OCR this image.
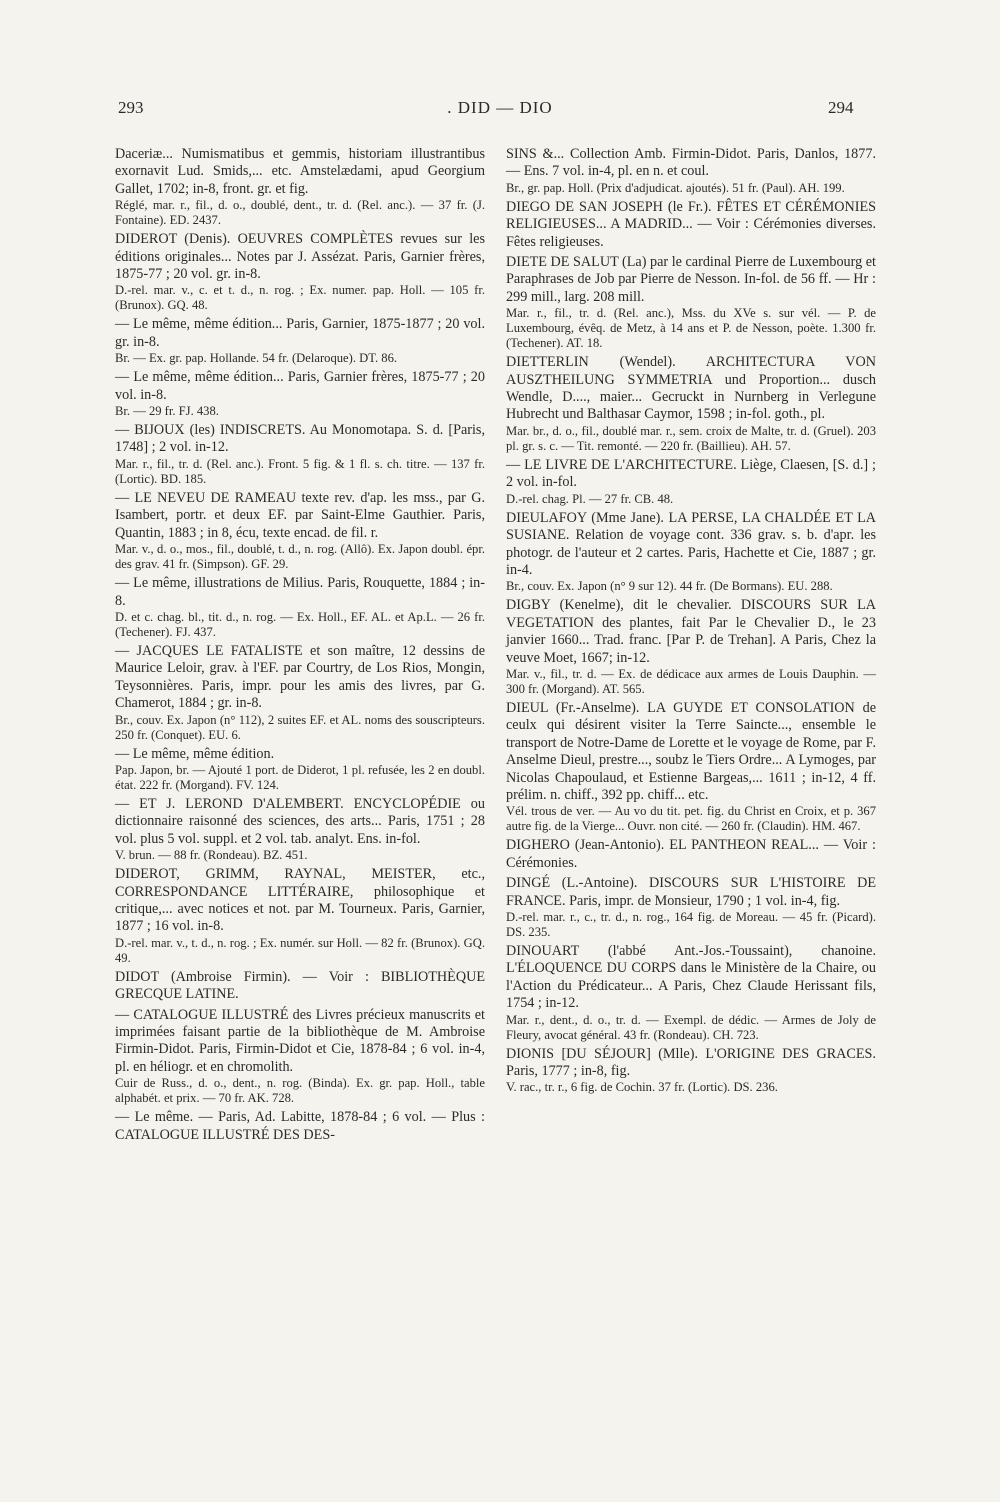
293	. DID — DIO	294
Daceriæ... Numismatibus et gemmis, historiam illustrantibus exornavit Lud. Smids,... etc. Amstelædami, apud Georgium Gallet, 1702; in-8, front. gr. et fig.
Réglé, mar. r., fil., d. o., doublé, dent., tr. d. (Rel. anc.). — 37 fr. (J. Fontaine). ED. 2437.
DIDEROT (Denis). OEUVRES COMPLÈTES revues sur les éditions originales... Notes par J. Assézat. Paris, Garnier frères, 1875-77 ; 20 vol. gr. in-8.
D.-rel. mar. v., c. et t. d., n. rog. ; Ex. numer. pap. Holl. — 105 fr. (Brunox). GQ. 48.
— Le même, même édition... Paris, Garnier, 1875-1877 ; 20 vol. gr. in-8.
Br. — Ex. gr. pap. Hollande. 54 fr. (Delaroque). DT. 86.
— Le même, même édition... Paris, Garnier frères, 1875-77 ; 20 vol. in-8.
Br. — 29 fr. FJ. 438.
— BIJOUX (les) INDISCRETS. Au Monomotapa. S. d. [Paris, 1748] ; 2 vol. in-12.
Mar. r., fil., tr. d. (Rel. anc.). Front. 5 fig. & 1 fl. s. ch. titre. — 137 fr. (Lortic). BD. 185.
— LE NEVEU DE RAMEAU texte rev. d'ap. les mss., par G. Isambert, portr. et deux EF. par Saint-Elme Gauthier. Paris, Quantin, 1883 ; in 8, écu, texte encad. de fil. r.
Mar. v., d. o., mos., fil., doublé, t. d., n. rog. (Allô). Ex. Japon doubl. épr. des grav. 41 fr. (Simpson). GF. 29.
— Le même, illustrations de Milius. Paris, Rouquette, 1884 ; in-8.
D. et c. chag. bl., tit. d., n. rog. — Ex. Holl., EF. AL. et Ap.L. — 26 fr. (Techener). FJ. 437.
— JACQUES LE FATALISTE et son maître, 12 dessins de Maurice Leloir, grav. à l'EF. par Courtry, de Los Rios, Mongin, Teysonnières. Paris, impr. pour les amis des livres, par G. Chamerot, 1884 ; gr. in-8.
Br., couv. Ex. Japon (n° 112), 2 suites EF. et AL. noms des souscripteurs. 250 fr. (Conquet). EU. 6.
— Le même, même édition.
Pap. Japon, br. — Ajouté 1 port. de Diderot, 1 pl. refusée, les 2 en doubl. état. 222 fr. (Morgand). FV. 124.
— ET J. LEROND D'ALEMBERT. ENCYCLOPÉDIE ou dictionnaire raisonné des sciences, des arts... Paris, 1751 ; 28 vol. plus 5 vol. suppl. et 2 vol. tab. analyt. Ens. in-fol.
V. brun. — 88 fr. (Rondeau). BZ. 451.
DIDEROT, GRIMM, RAYNAL, MEISTER, etc., CORRESPONDANCE LITTÉRAIRE, philosophique et critique,... avec notices et not. par M. Tourneux. Paris, Garnier, 1877 ; 16 vol. in-8.
D.-rel. mar. v., t. d., n. rog. ; Ex. numér. sur Holl. — 82 fr. (Brunox). GQ. 49.
DIDOT (Ambroise Firmin). — Voir : BIBLIOTHÈQUE GRECQUE LATINE.
— CATALOGUE ILLUSTRÉ des Livres précieux manuscrits et imprimées faisant partie de la bibliothèque de M. Ambroise Firmin-Didot. Paris, Firmin-Didot et Cie, 1878-84 ; 6 vol. in-4, pl. en héliogr. et en chromolith.
Cuir de Russ., d. o., dent., n. rog. (Binda). Ex. gr. pap. Holl., table alphabét. et prix. — 70 fr. AK. 728.
— Le même. — Paris, Ad. Labitte, 1878-84 ; 6 vol. — Plus : CATALOGUE ILLUSTRÉ DES DES-
SINS &... Collection Amb. Firmin-Didot. Paris, Danlos, 1877. — Ens. 7 vol. in-4, pl. en n. et coul.
Br., gr. pap. Holl. (Prix d'adjudicat. ajoutés). 51 fr. (Paul). AH. 199.
DIEGO DE SAN JOSEPH (le Fr.). FÊTES ET CÉRÉMONIES RELIGIEUSES... A MADRID... — Voir : Cérémonies diverses. Fêtes religieuses.
DIETE DE SALUT (La) par le cardinal Pierre de Luxembourg et Paraphrases de Job par Pierre de Nesson. In-fol. de 56 ff. — Hr : 299 mill., larg. 208 mill.
Mar. r., fil., tr. d. (Rel. anc.), Mss. du XVe s. sur vél. — P. de Luxembourg, évêq. de Metz, à 14 ans et P. de Nesson, poète. 1.300 fr. (Techener). AT. 18.
DIETTERLIN (Wendel). ARCHITECTURA VON AUSZTHEILUNG SYMMETRIA und Proportion... dusch Wendle, D...., maier... Gecruckt in Nurnberg in Verlegune Hubrecht und Balthasar Caymor, 1598 ; in-fol. goth., pl.
Mar. br., d. o., fil., doublé mar. r., sem. croix de Malte, tr. d. (Gruel). 203 pl. gr. s. c. — Tit. remonté. — 220 fr. (Baillieu). AH. 57.
— LE LIVRE DE L'ARCHITECTURE. Liège, Claesen, [S. d.] ; 2 vol. in-fol.
D.-rel. chag. Pl. — 27 fr. CB. 48.
DIEULAFOY (Mme Jane). LA PERSE, LA CHALDÉE ET LA SUSIANE. Relation de voyage cont. 336 grav. s. b. d'apr. les photogr. de l'auteur et 2 cartes. Paris, Hachette et Cie, 1887 ; gr. in-4.
Br., couv. Ex. Japon (n° 9 sur 12). 44 fr. (De Bormans). EU. 288.
DIGBY (Kenelme), dit le chevalier. DISCOURS SUR LA VEGETATION des plantes, fait Par le Chevalier D., le 23 janvier 1660... Trad. franc. [Par P. de Trehan]. A Paris, Chez la veuve Moet, 1667; in-12.
Mar. v., fil., tr. d. — Ex. de dédicace aux armes de Louis Dauphin. — 300 fr. (Morgand). AT. 565.
DIEUL (Fr.-Anselme). LA GUYDE ET CONSOLATION de ceulx qui désirent visiter la Terre Saincte..., ensemble le transport de Notre-Dame de Lorette et le voyage de Rome, par F. Anselme Dieul, prestre..., soubz le Tiers Ordre... A Lymoges, par Nicolas Chapoulaud, et Estienne Bargeas,... 1611 ; in-12, 4 ff. prélim. n. chiff., 392 pp. chiff... etc.
Vél. trous de ver. — Au vo du tit. pet. fig. du Christ en Croix, et p. 367 autre fig. de la Vierge... Ouvr. non cité. — 260 fr. (Claudin). HM. 467.
DIGHERO (Jean-Antonio). EL PANTHEON REAL... — Voir : Cérémonies.
DINGÉ (L.-Antoine). DISCOURS SUR L'HISTOIRE DE FRANCE. Paris, impr. de Monsieur, 1790 ; 1 vol. in-4, fig.
D.-rel. mar. r., c., tr. d., n. rog., 164 fig. de Moreau. — 45 fr. (Picard). DS. 235.
DINOUART (l'abbé Ant.-Jos.-Toussaint), chanoine. L'ÉLOQUENCE DU CORPS dans le Ministère de la Chaire, ou l'Action du Prédicateur... A Paris, Chez Claude Herissant fils, 1754 ; in-12.
Mar. r., dent., d. o., tr. d. — Exempl. de dédic. — Armes de Joly de Fleury, avocat général. 43 fr. (Rondeau). CH. 723.
DIONIS [DU SÉJOUR] (Mlle). L'ORIGINE DES GRACES. Paris, 1777 ; in-8, fig.
V. rac., tr. r., 6 fig. de Cochin. 37 fr. (Lortic). DS. 236.
